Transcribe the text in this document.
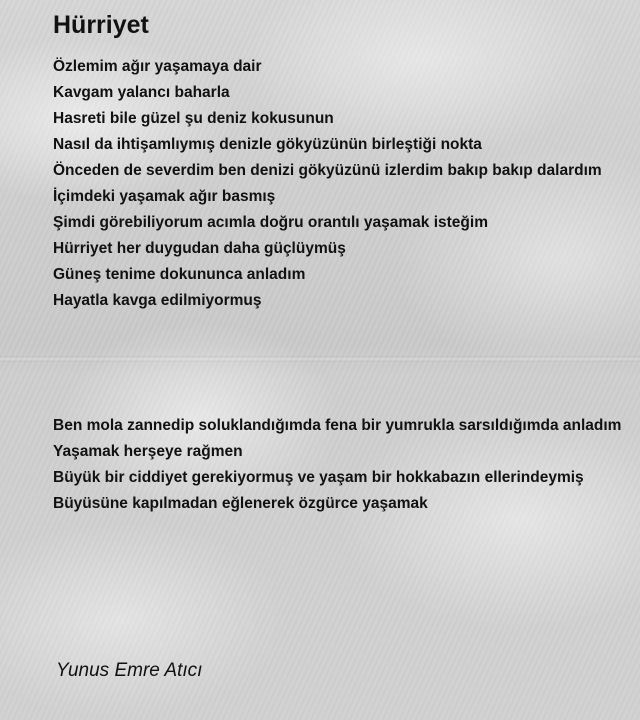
Hürriyet
Özlemim ağır yaşamaya dair
Kavgam yalancı baharla
Hasreti bile güzel şu deniz kokusunun
Nasıl da ihtişamlıymış denizle gökyüzünün birleştiği nokta
Önceden de severdim ben denizi gökyüzünü izlerdim bakıp bakıp dalardım
İçimdeki yaşamak ağır basmış
Şimdi görebiliyorum acımla doğru orantılı yaşamak isteğim
Hürriyet her duygudan daha güçlüymüş
Güneş tenime dokununca anladım
Hayatla kavga edilmiyormuş
Ben mola zannedip soluklandığımda fena bir yumrukla sarsıldığımda anladım
Yaşamak herşeye rağmen
Büyük bir ciddiyet gerekiyormuş ve yaşam bir hokkabazın ellerindeymiş
Büyüsüne kapılmadan eğlenerek özgürce yaşamak

Yunus Emre Atıcı
